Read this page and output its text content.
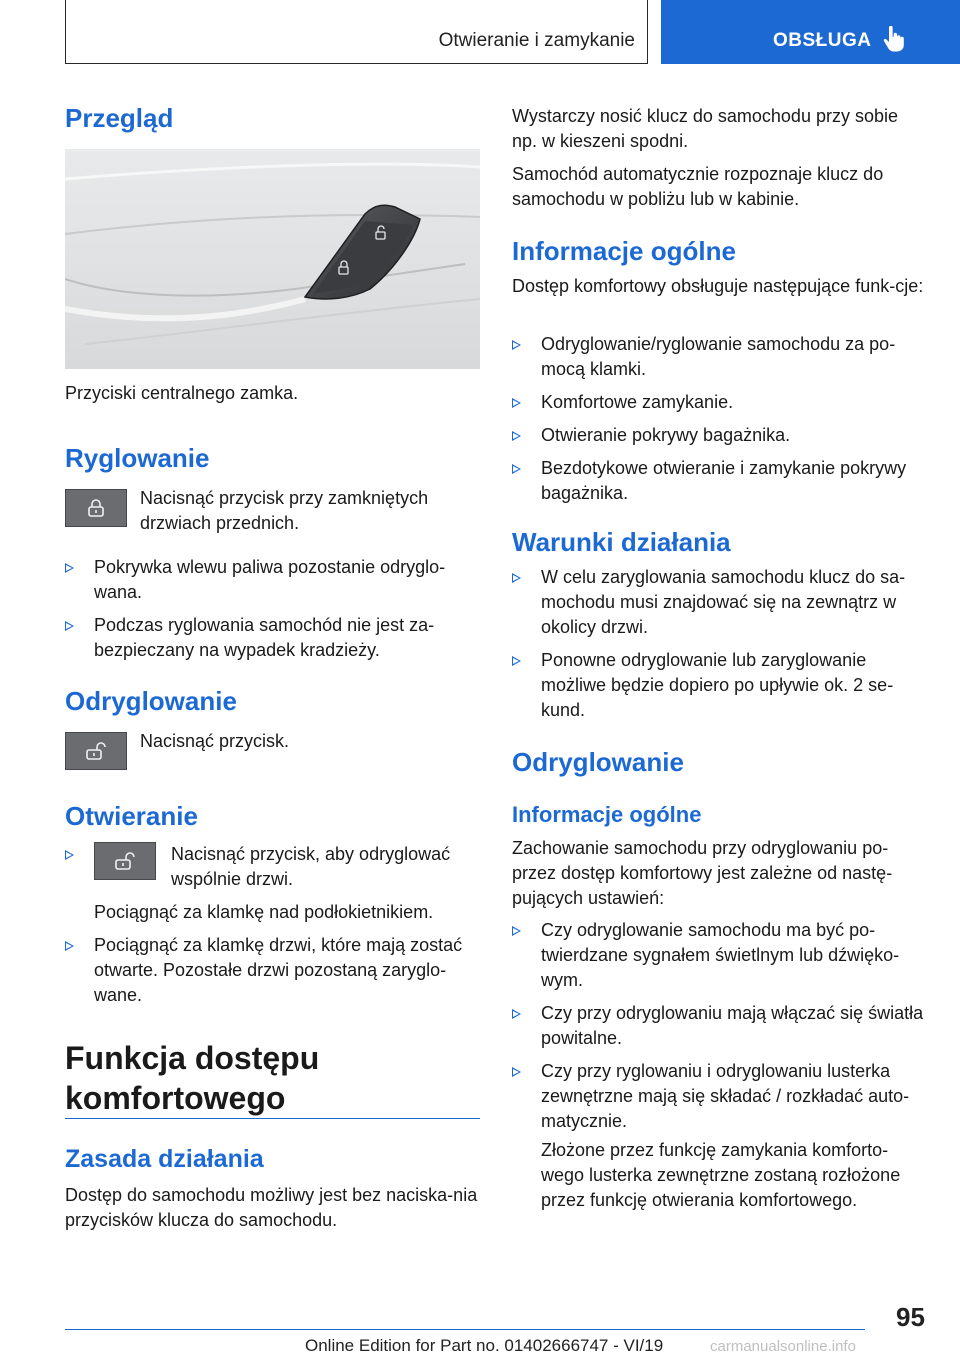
Otwieranie i zamykanie	OBSŁUGA
Przegląd
Przyciski centralnego zamka.
Ryglowanie
Nacisnąć przycisk przy zamkniętych drzwiach przednich.
Pokrywka wlewu paliwa pozostanie odryglo-wana.
Podczas ryglowania samochód nie jest za-bezpieczany na wypadek kradzieży.
Odryglowanie
Nacisnąć przycisk.
Otwieranie
Nacisnąć przycisk, aby odryglować wspólnie drzwi.
Pociągnąć za klamkę nad podłokietnikiem.
Pociągnąć za klamkę drzwi, które mają zostać otwarte. Pozostałe drzwi pozostaną zaryglo-wane.
Funkcja dostępu
komfortowego
Zasada działania
Dostęp do samochodu możliwy jest bez naciska-nia przycisków klucza do samochodu.
Wystarczy nosić klucz do samochodu przy sobie np. w kieszeni spodni.
Samochód automatycznie rozpoznaje klucz do samochodu w pobliżu lub w kabinie.
Informacje ogólne
Dostęp komfortowy obsługuje następujące funk-cje:
Odryglowanie/ryglowanie samochodu za po-mocą klamki.
Komfortowe zamykanie.
Otwieranie pokrywy bagażnika.
Bezdotykowe otwieranie i zamykanie pokrywy bagażnika.
Warunki działania
W celu zaryglowania samochodu klucz do sa-mochodu musi znajdować się na zewnątrz w okolicy drzwi.
Ponowne odryglowanie lub zaryglowanie możliwe będzie dopiero po upływie ok. 2 se-kund.
Odryglowanie
Informacje ogólne
Zachowanie samochodu przy odryglowaniu po-przez dostęp komfortowy jest zależne od nastę-pujących ustawień:
Czy odryglowanie samochodu ma być po-twierdzane sygnałem świetlnym lub dźwięko-wym.
Czy przy odryglowaniu mają włączać się światła powitalne.
Czy przy ryglowaniu i odryglowaniu lusterka zewnętrzne mają się składać / rozkładać auto-matycznie.
Złożone przez funkcję zamykania komforto-wego lusterka zewnętrzne zostaną rozłożone przez funkcję otwierania komfortowego.
95
Online Edition for Part no. 01402666747 - VI/19	carmanualsonline.info
